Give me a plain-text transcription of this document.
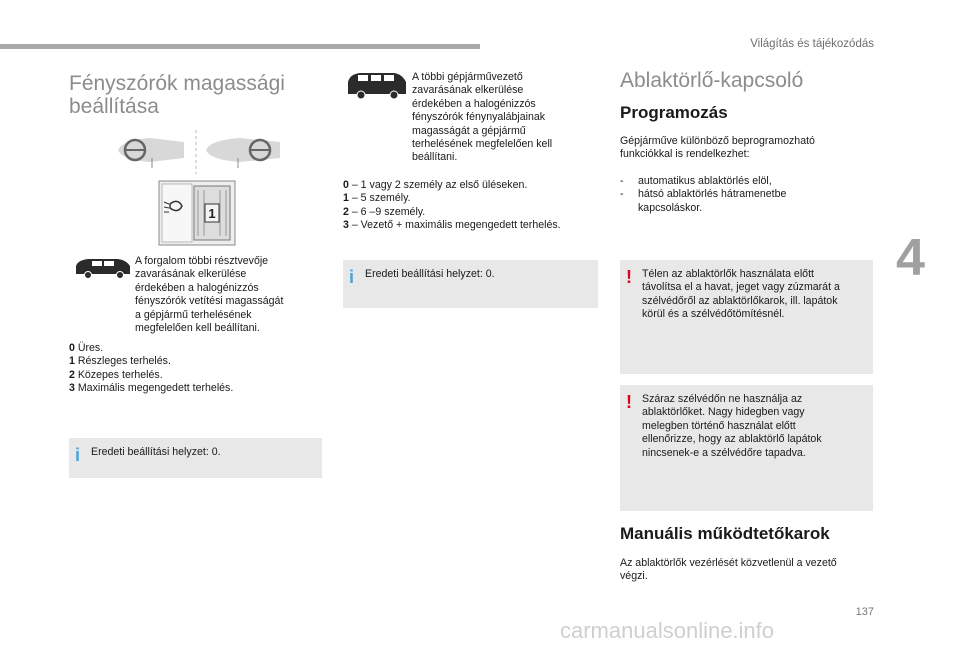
Világítás és tájékozódás
4
Fényszórók magassági
beállítása
1
A forgalom többi résztvevője
zavarásának elkerülése
érdekében a halogénizzós
fényszórók vetítési magasságát
a gépjármű terhelésének
megfelelően kell beállítani.
0 Üres.
1 Részleges terhelés.
2 Közepes terhelés.
3 Maximális megengedett terhelés.
i Eredeti beállítási helyzet: 0.
A többi gépjárművezető
zavarásának elkerülése
érdekében a halogénizzós
fényszórók fénynyalábjainak
magasságát a gépjármű
terhelésének megfelelően kell
beállítani.
0 – 1 vagy 2 személy az első üléseken.
1 – 5 személy.
2 – 6 –9 személy.
3 – Vezető + maximális megengedett terhelés.
i Eredeti beállítási helyzet: 0.
Ablaktörlő-kapcsoló
Programozás
Gépjárműve különböző beprogramozható
funkciókkal is rendelkezhet:
-	automatikus ablaktörlés elöl,
-	hátsó ablaktörlés hátramenetbe
kapcsoláskor.
! Télen az ablaktörlők használata előtt
távolítsa el a havat, jeget vagy zúzmarát a
szélvédőről az ablaktörlőkarok, ill. lapátok
körül és a szélvédőtömítésnél.
! Száraz szélvédőn ne használja az
ablaktörlőket. Nagy hidegben vagy
melegben történő használat előtt
ellenőrizze, hogy az ablaktörlő lapátok
nincsenek-e a szélvédőre tapadva.
Manuális működtetőkarok
Az ablaktörlők vezérlését közvetlenül a vezető
végzi.
137
carmanualsonline.info
